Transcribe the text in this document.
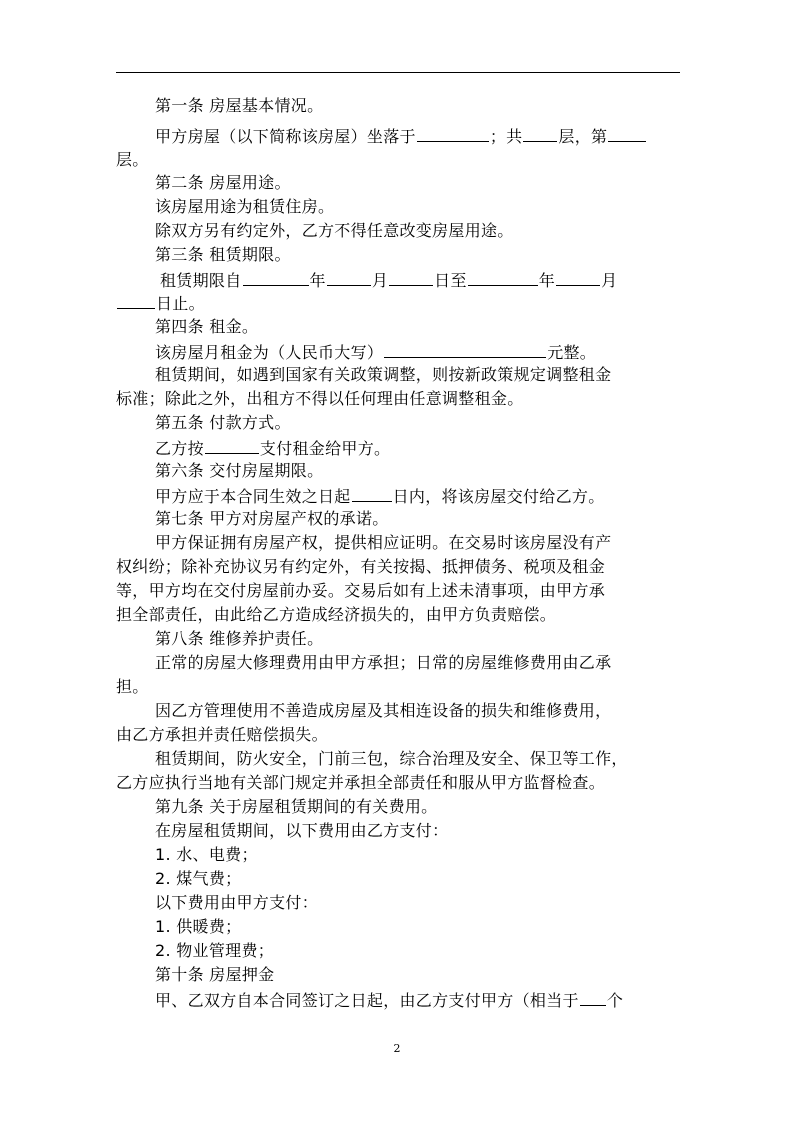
第一条 房屋基本情况。
甲方房屋（以下简称该房屋）坐落于	；共 层，第
层。
第二条 房屋用途。
该房屋用途为租赁住房。
除双方另有约定外，乙方不得任意改变房屋用途。
第三条 租赁期限。
租赁期限自	年	月	日至	年	月
日止。
第四条 租金。
该房屋月租金为（人民币大写）	元整。
租赁期间，如遇到国家有关政策调整，则按新政策规定调整租金
标准；除此之外，出租方不得以任何理由任意调整租金。
第五条 付款方式。
乙方按	支付租金给甲方。
第六条 交付房屋期限。
甲方应于本合同生效之日起	日内，将该房屋交付给乙方。
第七条 甲方对房屋产权的承诺。
甲方保证拥有房屋产权，提供相应证明。在交易时该房屋没有产
权纠纷；除补充协议另有约定外，有关按揭、抵押债务、税项及租金
等，甲方均在交付房屋前办妥。交易后如有上述未清事项，由甲方承
担全部责任，由此给乙方造成经济损失的，由甲方负责赔偿。
第八条 维修养护责任。
正常的房屋大修理费用由甲方承担；日常的房屋维修费用由乙承
担。
因乙方管理使用不善造成房屋及其相连设备的损失和维修费用，
由乙方承担并责任赔偿损失。
租赁期间，防火安全，门前三包，综合治理及安全、保卫等工作，
乙方应执行当地有关部门规定并承担全部责任和服从甲方监督检查。
第九条 关于房屋租赁期间的有关费用。
在房屋租赁期间，以下费用由乙方支付：
1. 水、电费；
2. 煤气费；
以下费用由甲方支付：
1. 供暖费；
2. 物业管理费；
第十条 房屋押金
甲、乙双方自本合同签订之日起，由乙方支付甲方（相当于 个
2
